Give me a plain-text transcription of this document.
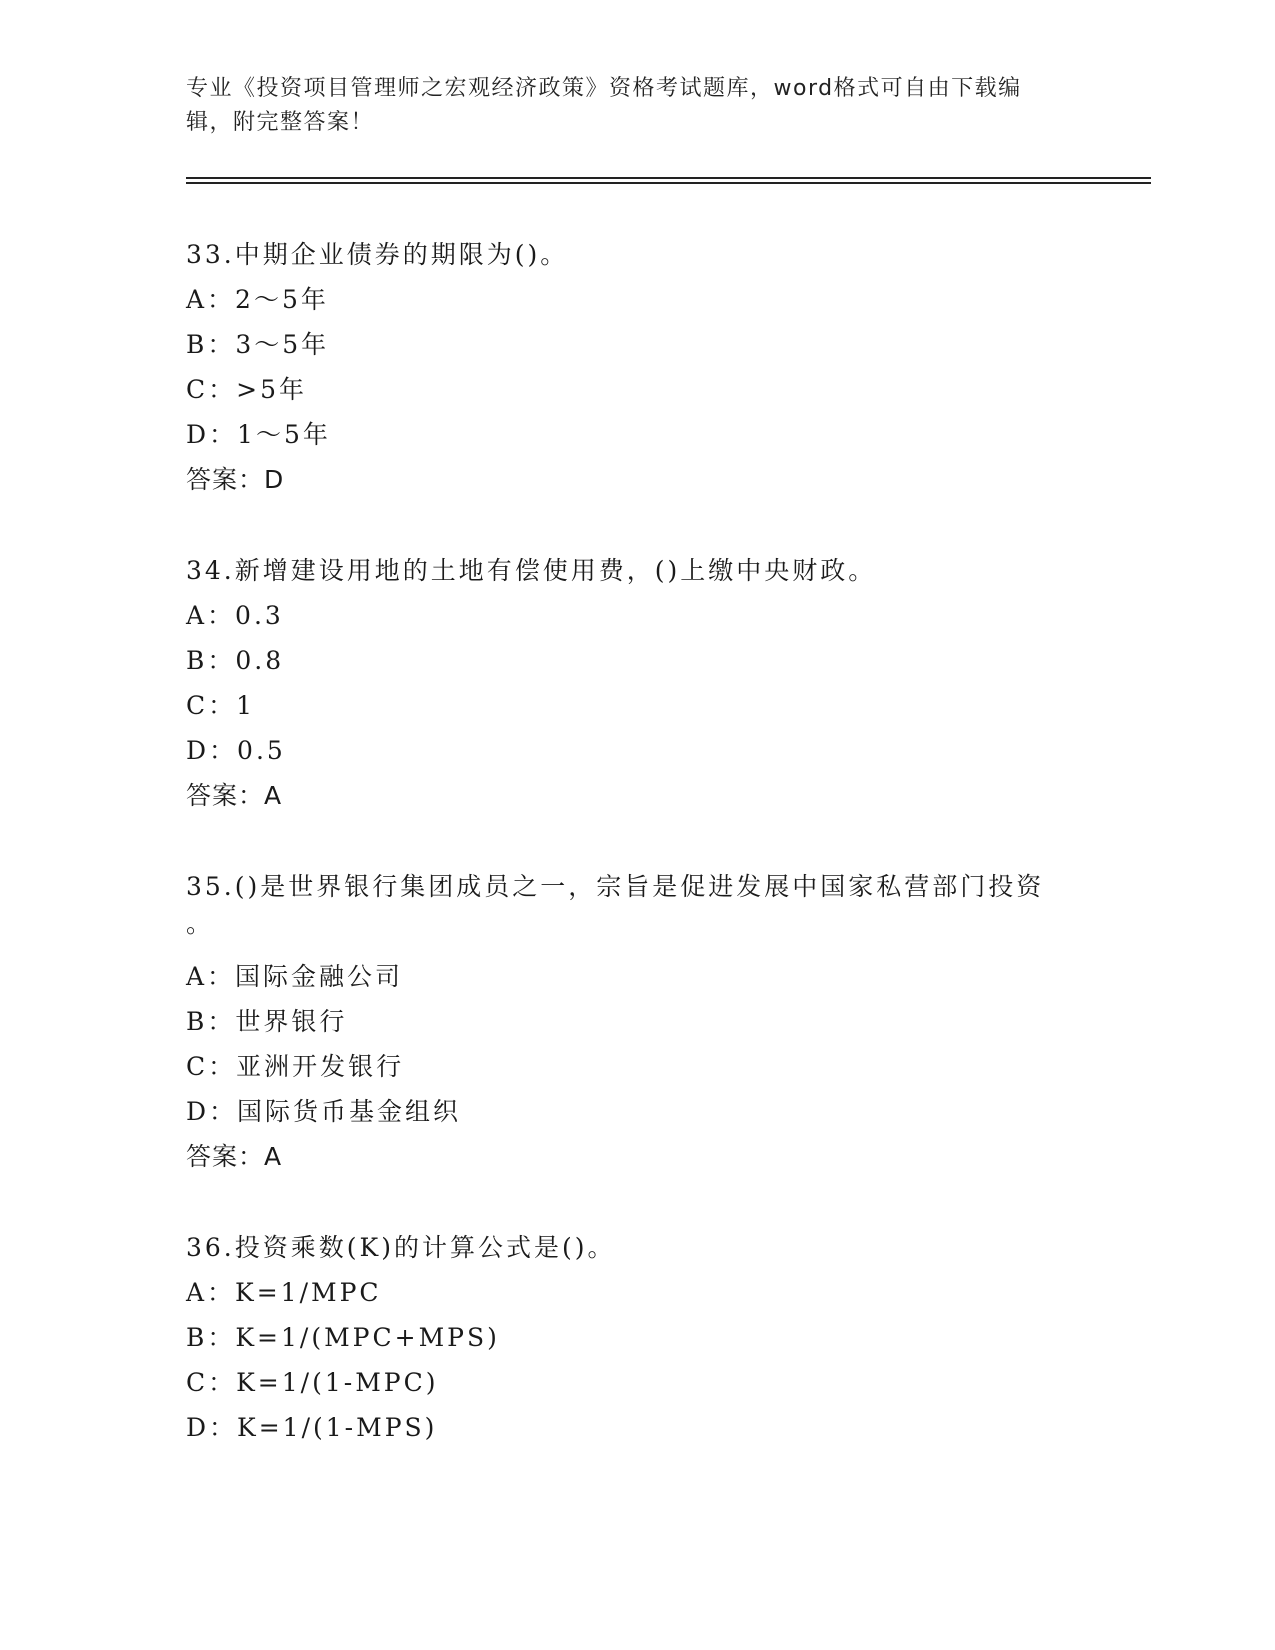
专业《投资项目管理师之宏观经济政策》资格考试题库，word格式可自由下载编
辑，附完整答案！
33.中期企业债券的期限为()。
A：2～5年
B：3～5年
C：>5年
D：1～5年
答案：D
34.新增建设用地的土地有偿使用费，()上缴中央财政。
A：0.3
B：0.8
C：1
D：0.5
答案：A
35.()是世界银行集团成员之一，宗旨是促进发展中国家私营部门投资
。
A：国际金融公司
B：世界银行
C：亚洲开发银行
D：国际货币基金组织
答案：A
36.投资乘数(K)的计算公式是()。
A：K=1/MPC
B：K=1/(MPC+MPS)
C：K=1/(1-MPC)
D：K=1/(1-MPS)
